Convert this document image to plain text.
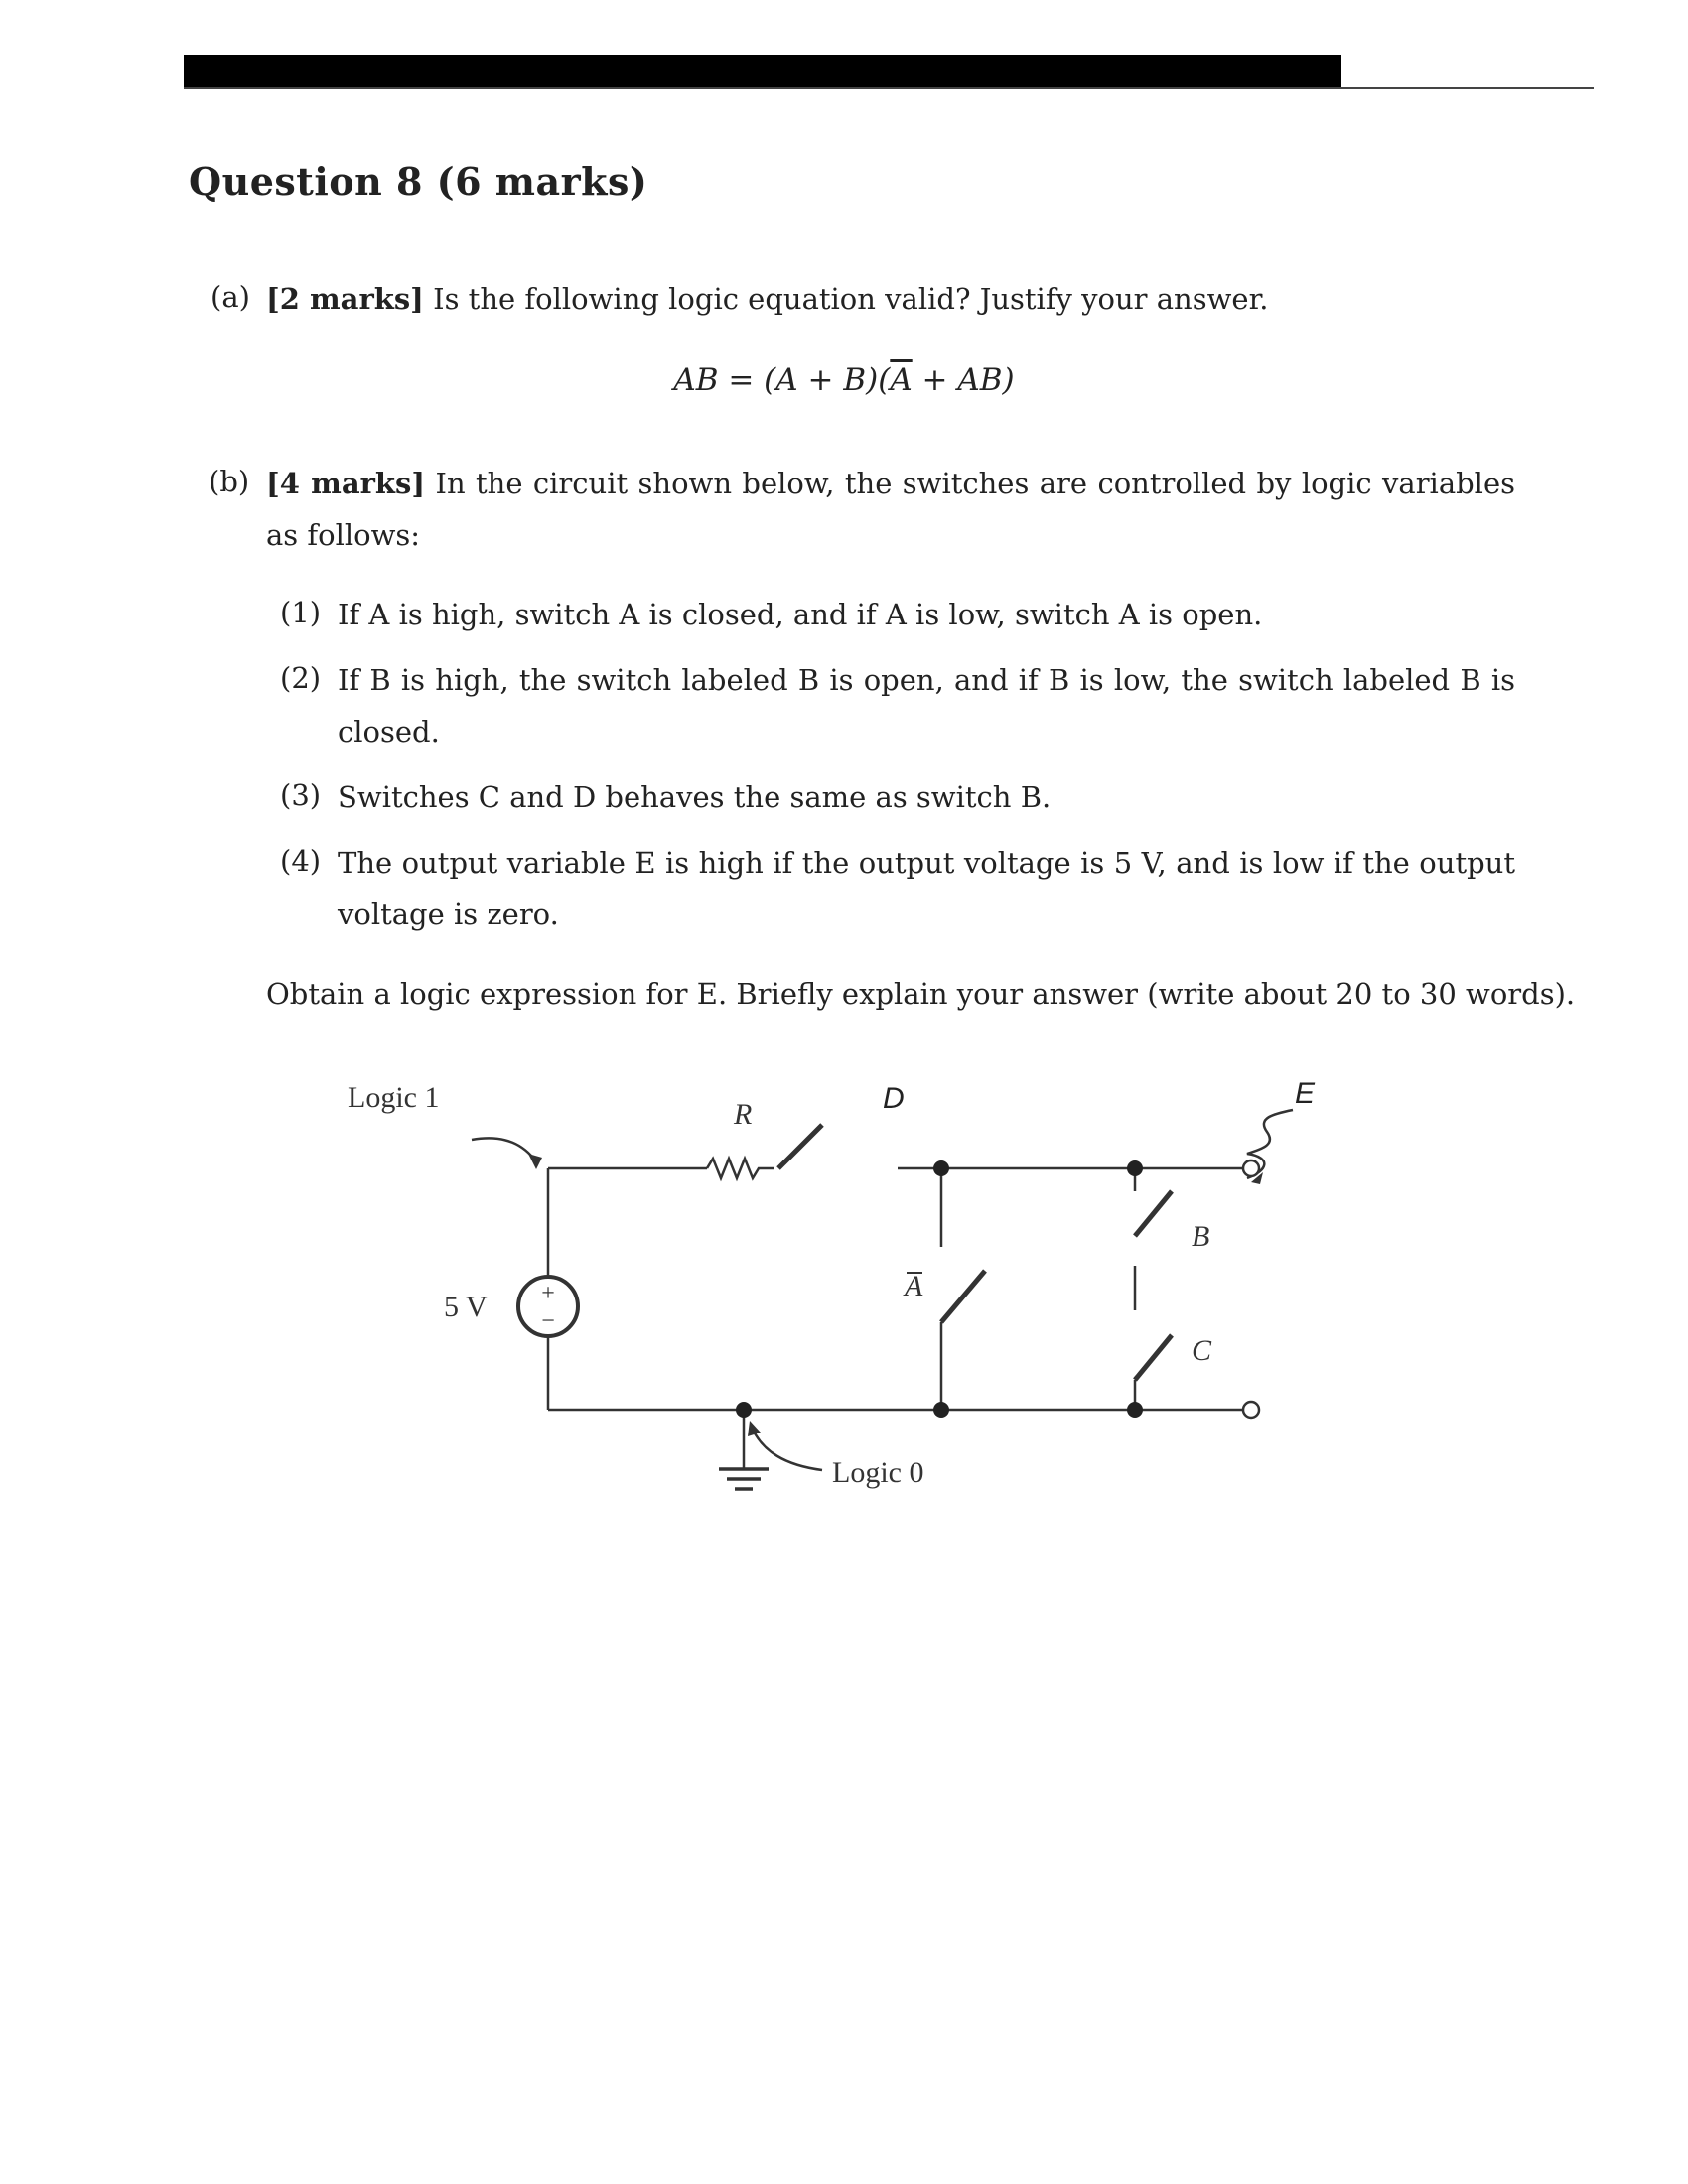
Question 8 (6 marks)
(a) [2 marks] Is the following logic equation valid? Justify your answer.
AB = $(A + B)(\overline{A} + AB)$
(b) [4 marks] In the circuit shown below, the switches are controlled by logic variables as follows:
(1) If A is high, switch A is closed, and if A is low, switch A is open.
(2) If B is high, the switch labeled B is open, and if B is low, the switch labeled B is closed.
(3) Switches C and D behaves the same as switch B.
(4) The output variable E is high if the output voltage is 5 V, and is low if the output voltage is zero.
Obtain a logic expression for E. Briefly explain your answer (write about 20 to 30 words).
+
−
Logic 1
Logic 0
5 V
R	D
A
B
C
E
